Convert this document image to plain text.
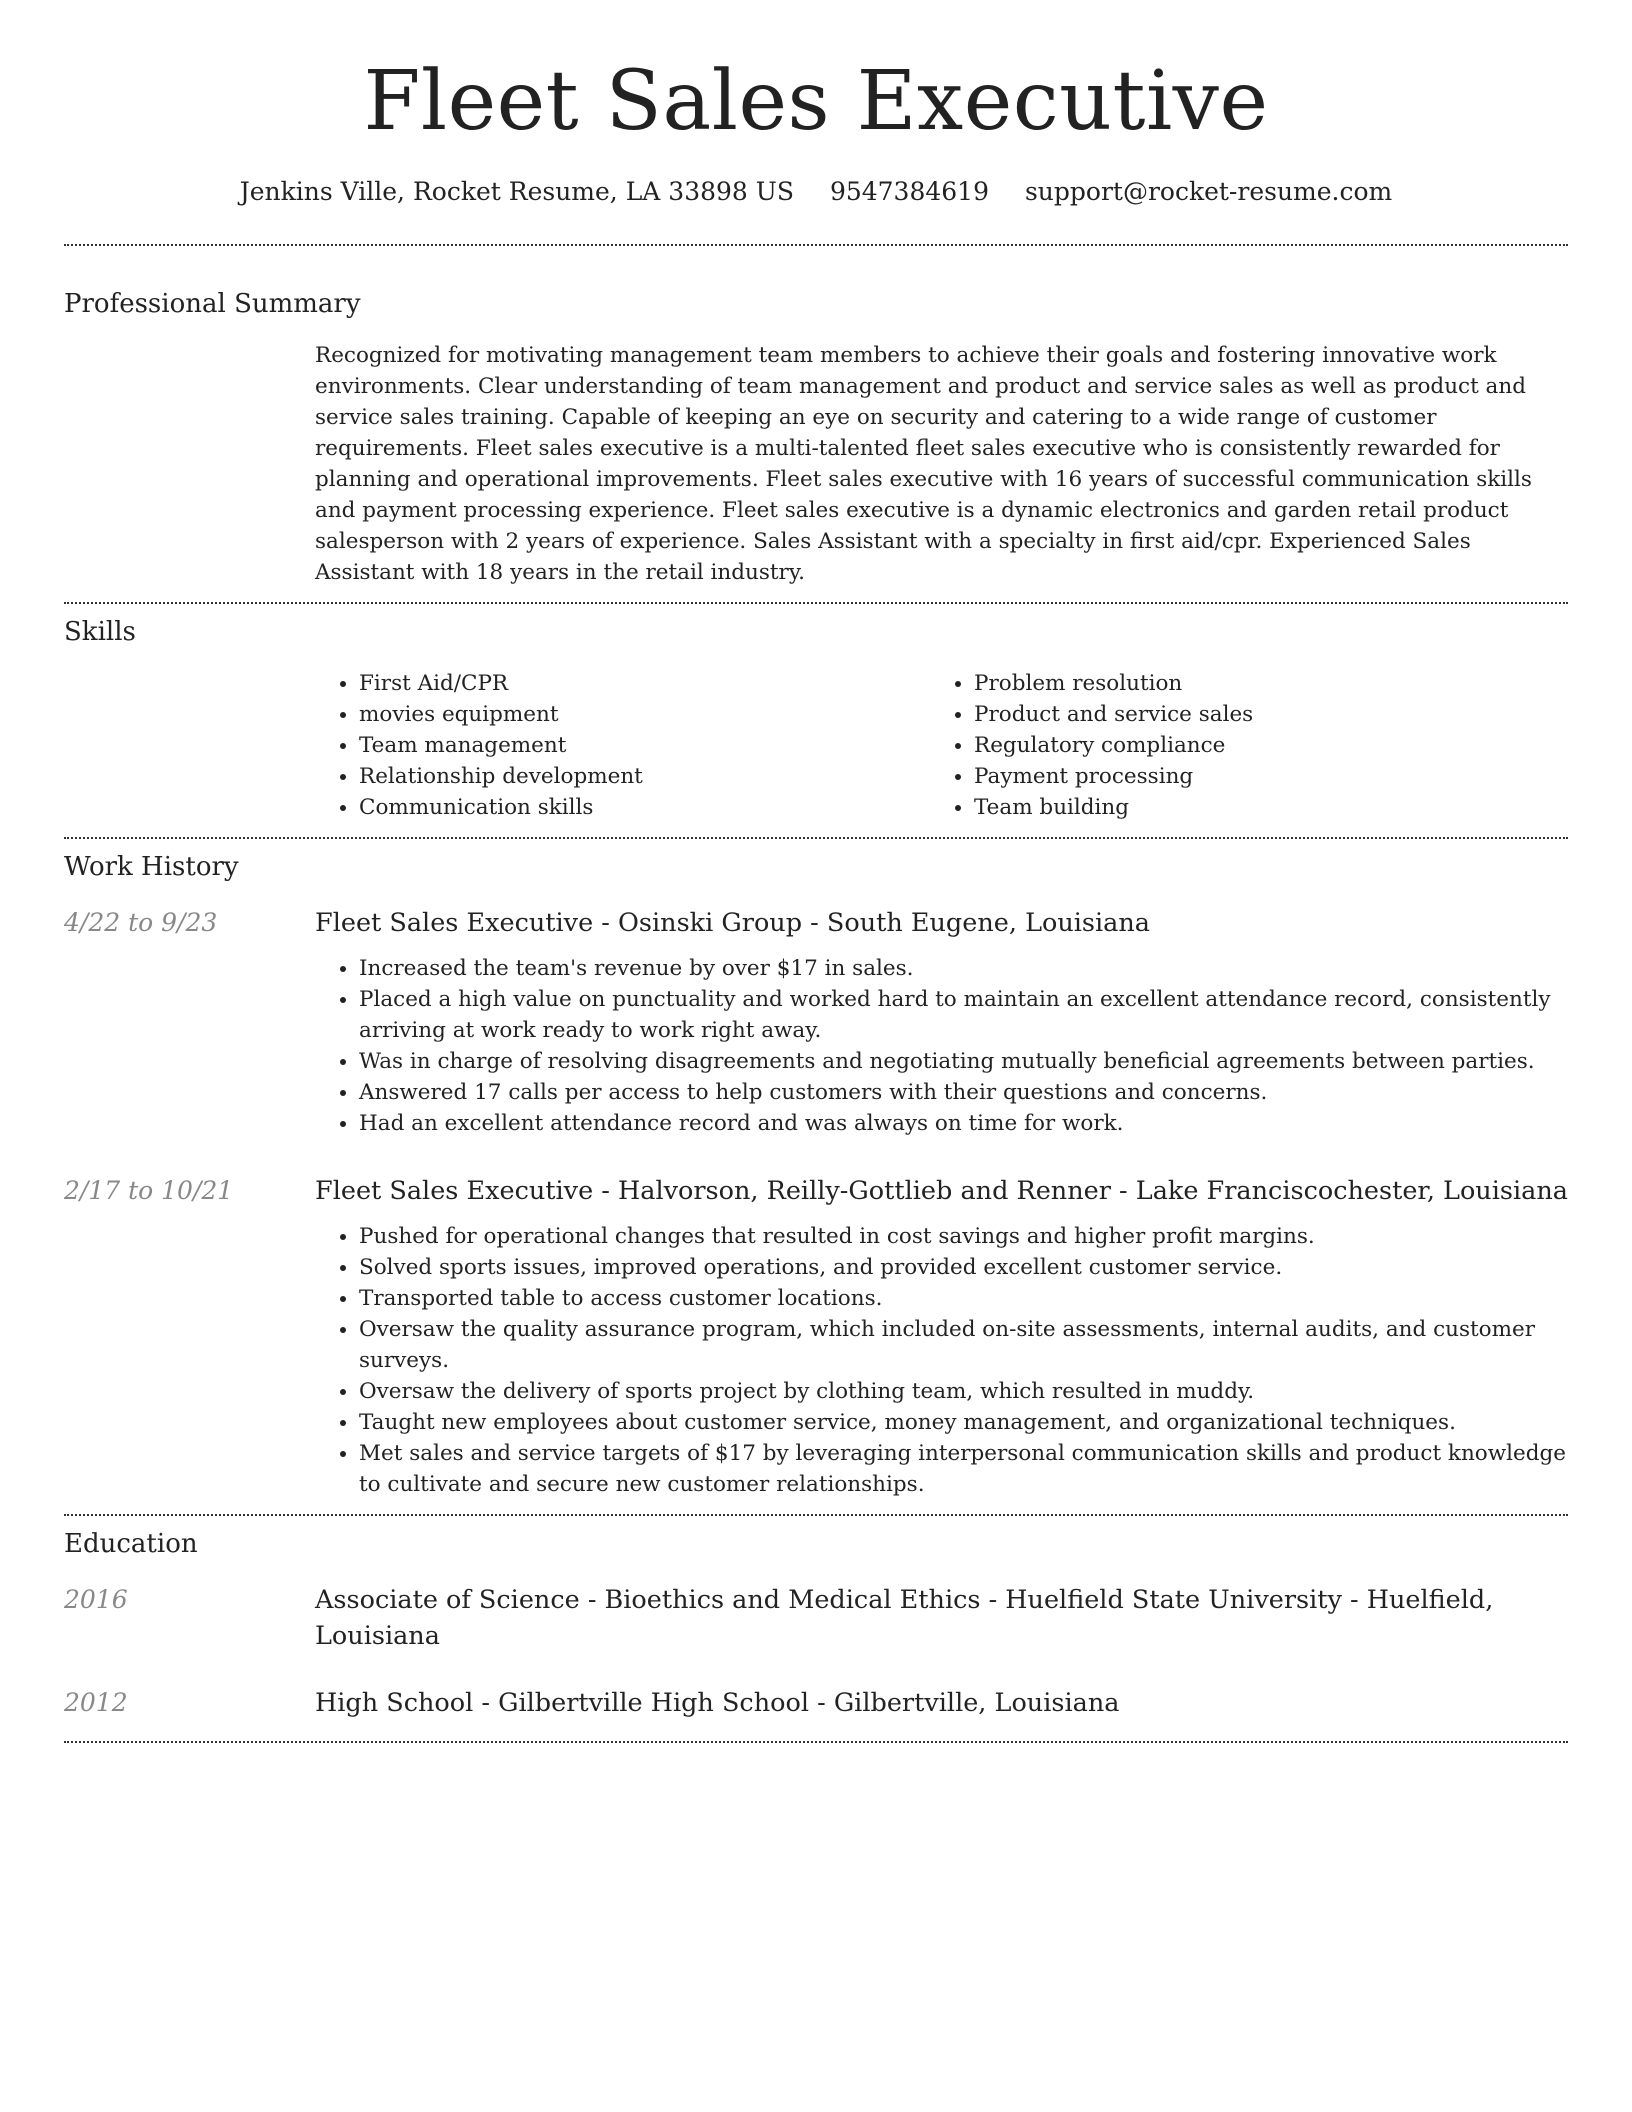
Fleet Sales Executive
Jenkins Ville, Rocket Resume, LA 33898 US 9547384619 support@rocket-resume.com
Professional Summary
Recognized for motivating management team members to achieve their goals and fostering innovative work environments. Clear understanding of team management and product and service sales as well as product and service sales training. Capable of keeping an eye on security and catering to a wide range of customer requirements. Fleet sales executive is a multi-talented fleet sales executive who is consistently rewarded for planning and operational improvements. Fleet sales executive with 16 years of successful communication skills and payment processing experience. Fleet sales executive is a dynamic electronics and garden retail product salesperson with 2 years of experience. Sales Assistant with a specialty in first aid/cpr. Experienced Sales Assistant with 18 years in the retail industry.
Skills
• First Aid/CPR
• movies equipment
• Team management
• Relationship development
• Communication skills
• Problem resolution
• Product and service sales
• Regulatory compliance
• Payment processing
• Team building
Work History
4/22 to 9/23	Fleet Sales Executive - Osinski Group - South Eugene, Louisiana
• Increased the team's revenue by over $17 in sales.
• Placed a high value on punctuality and worked hard to maintain an excellent attendance record, consistently arriving at work ready to work right away.
• Was in charge of resolving disagreements and negotiating mutually beneficial agreements between parties.
• Answered 17 calls per access to help customers with their questions and concerns.
• Had an excellent attendance record and was always on time for work.
2/17 to 10/21	Fleet Sales Executive - Halvorson, Reilly-Gottlieb and Renner - Lake Franciscochester, Louisiana
• Pushed for operational changes that resulted in cost savings and higher profit margins.
• Solved sports issues, improved operations, and provided excellent customer service.
• Transported table to access customer locations.
• Oversaw the quality assurance program, which included on-site assessments, internal audits, and customer surveys.
• Oversaw the delivery of sports project by clothing team, which resulted in muddy.
• Taught new employees about customer service, money management, and organizational techniques.
• Met sales and service targets of $17 by leveraging interpersonal communication skills and product knowledge to cultivate and secure new customer relationships.
Education
2016	Associate of Science - Bioethics and Medical Ethics - Huelfield State University - Huelfield, Louisiana
2012	High School - Gilbertville High School - Gilbertville, Louisiana
